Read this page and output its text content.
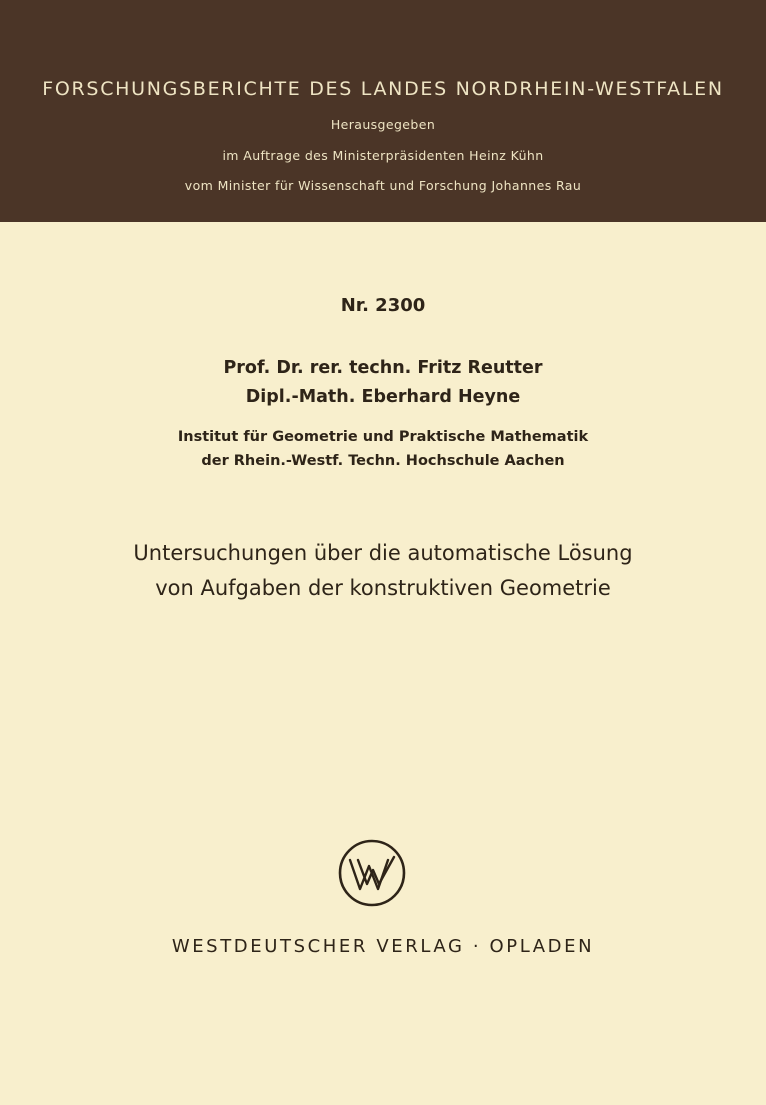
FORSCHUNGSBERICHTE DES LANDES NORDRHEIN-WESTFALEN
Herausgegeben
im Auftrage des Ministerpräsidenten Heinz Kühn
vom Minister für Wissenschaft und Forschung Johannes Rau
Nr. 2300
Prof. Dr. rer. techn. Fritz Reutter
Dipl.-Math. Eberhard Heyne
Institut für Geometrie und Praktische Mathematik
der Rhein.-Westf. Techn. Hochschule Aachen
Untersuchungen über die automatische Lösung
von Aufgaben der konstruktiven Geometrie
WESTDEUTSCHER VERLAG · OPLADEN
